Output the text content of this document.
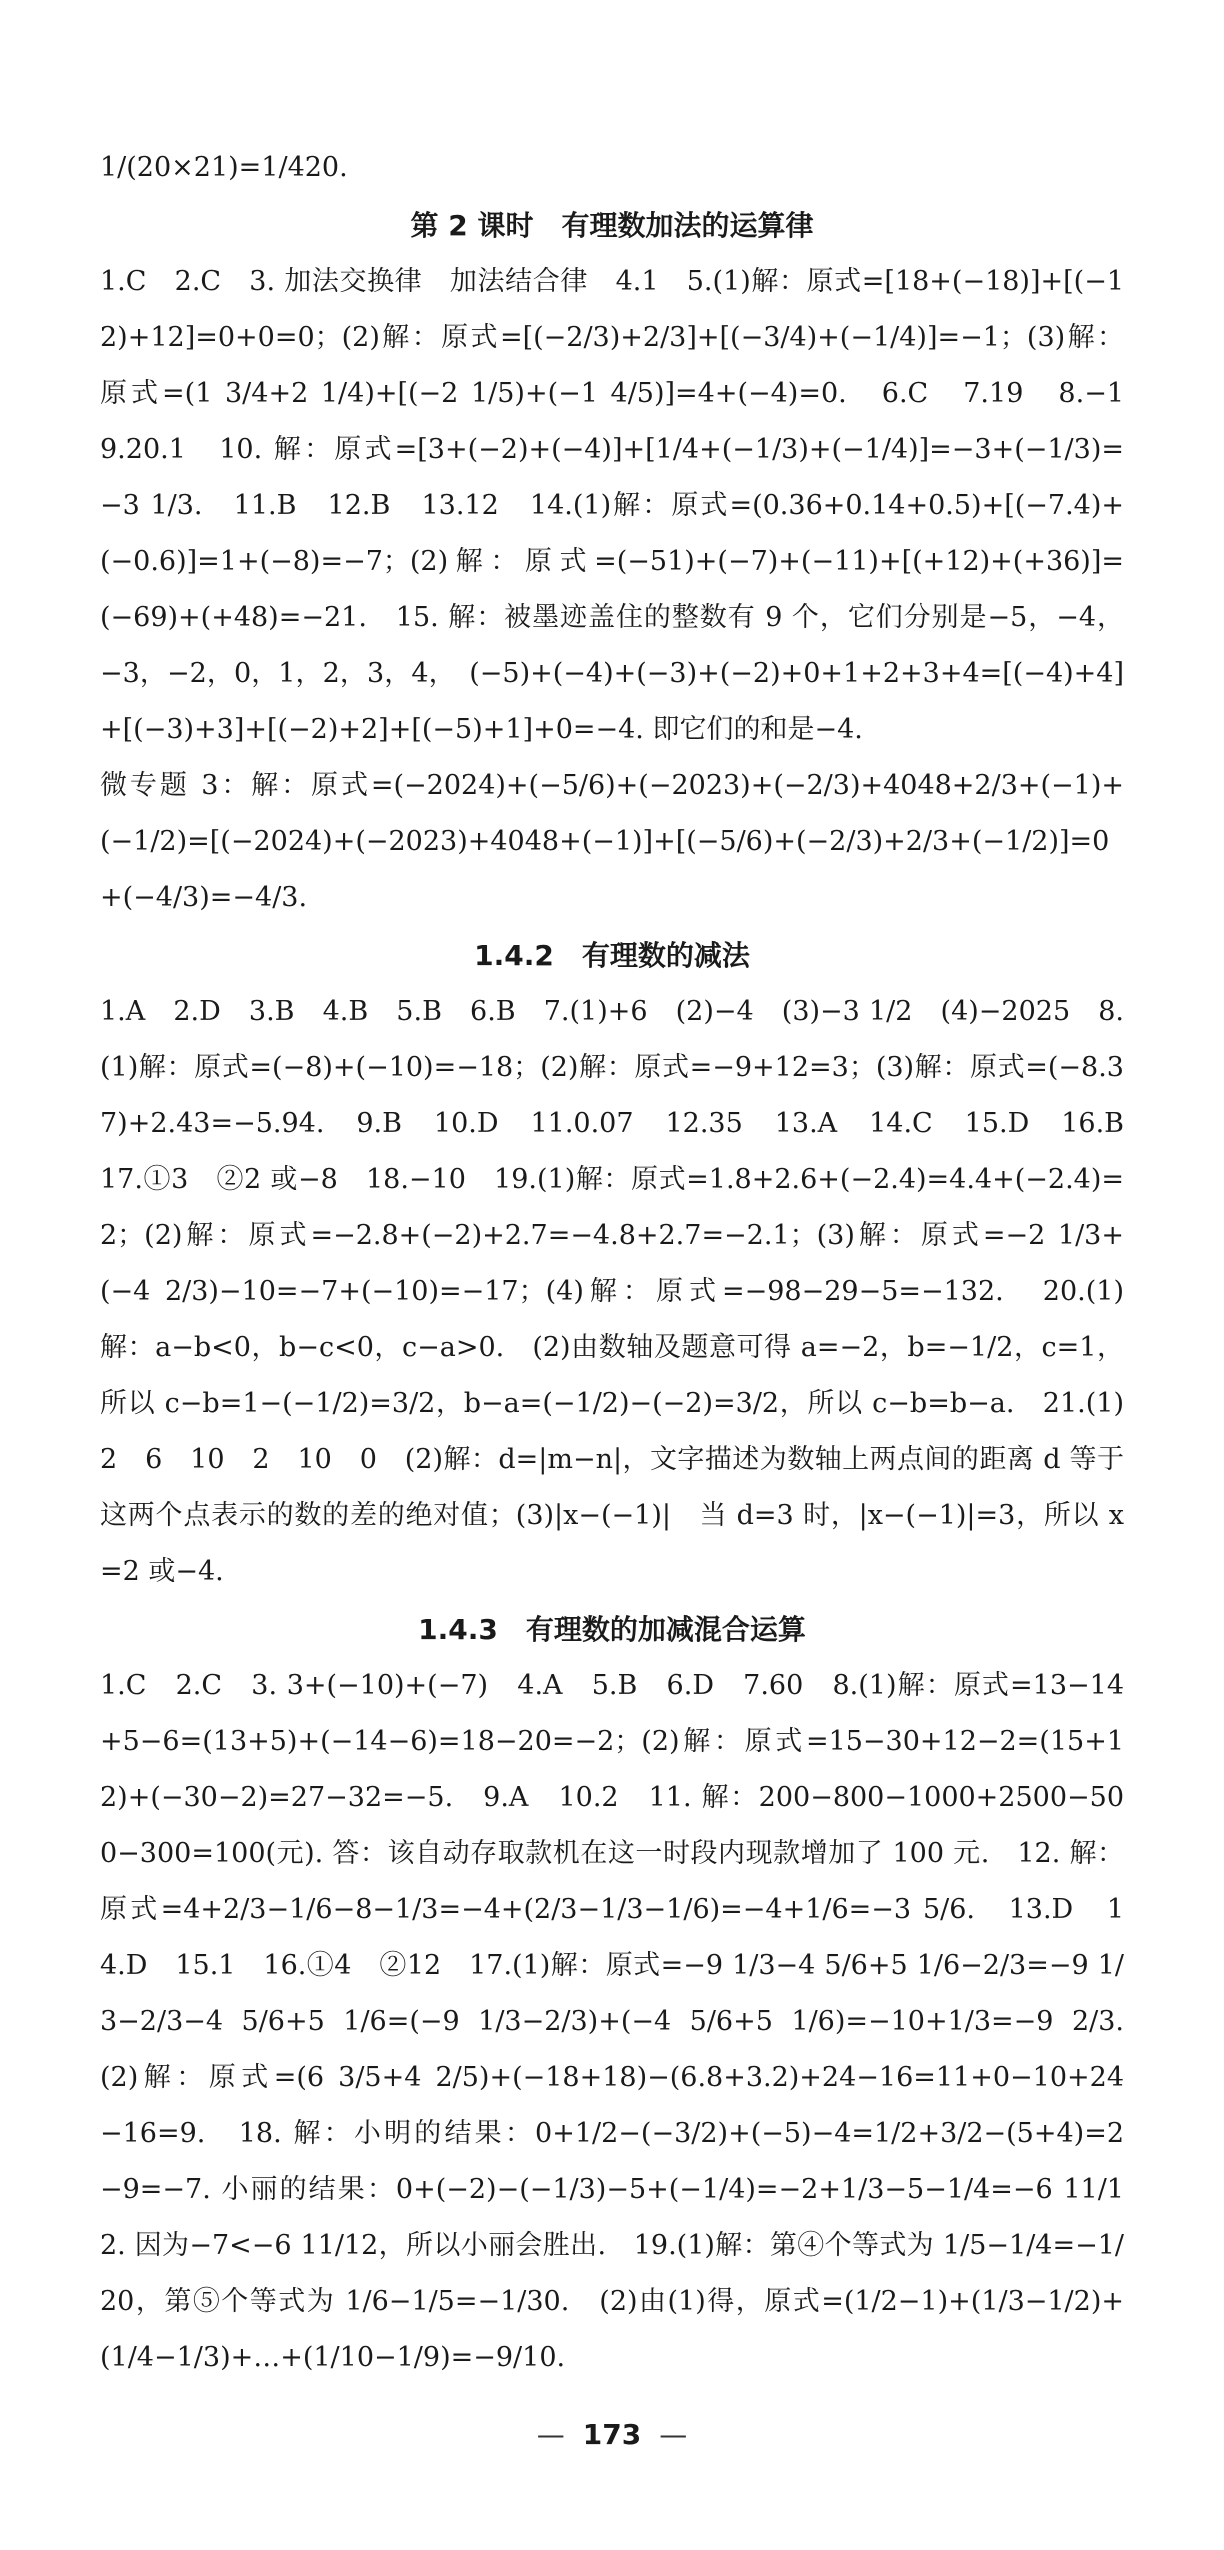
1/(20×21)=1/420.

第 2 课时　有理数加法的运算律

1.C　2.C　3. 加法交换律　加法结合律　4.1　5.(1)解：原式=[18+(−18)]+[(−12)+12]=0+0=0；(2)解：原式=[(−2/3)+2/3]+[(−3/4)+(−1/4)]=−1；(3)解：原式=(1 3/4+2 1/4)+[(−2 1/5)+(−1 4/5)]=4+(−4)=0.　6.C　7.19　8.−1　9.20.1　10. 解：原式=[3+(−2)+(−4)]+[1/4+(−1/3)+(−1/4)]=−3+(−1/3)=−3 1/3.　11.B　12.B　13.12　14.(1)解：原式=(0.36+0.14+0.5)+[(−7.4)+(−0.6)]=1+(−8)=−7；(2)解：原式=(−51)+(−7)+(−11)+[(+12)+(+36)]=(−69)+(+48)=−21.　15. 解：被墨迹盖住的整数有 9 个，它们分别是−5，−4，−3，−2，0，1，2，3，4，　(−5)+(−4)+(−3)+(−2)+0+1+2+3+4=[(−4)+4]+[(−3)+3]+[(−2)+2]+[(−5)+1]+0=−4. 即它们的和是−4.

微专题 3：解：原式=(−2024)+(−5/6)+(−2023)+(−2/3)+4048+2/3+(−1)+(−1/2)=[(−2024)+(−2023)+4048+(−1)]+[(−5/6)+(−2/3)+2/3+(−1/2)]=0+(−4/3)=−4/3.

1.4.2　有理数的减法

1.A　2.D　3.B　4.B　5.B　6.B　7.(1)+6　(2)−4　(3)−3 1/2　(4)−2025　8.(1)解：原式=(−8)+(−10)=−18；(2)解：原式=−9+12=3；(3)解：原式=(−8.37)+2.43=−5.94.　9.B　10.D　11.0.07　12.35　13.A　14.C　15.D　16.B　17.①3　②2 或−8　18.−10　19.(1)解：原式=1.8+2.6+(−2.4)=4.4+(−2.4)=2；(2)解：原式=−2.8+(−2)+2.7=−4.8+2.7=−2.1；(3)解：原式=−2 1/3+(−4 2/3)−10=−7+(−10)=−17；(4)解：原式=−98−29−5=−132.　20.(1)解：a−b<0，b−c<0，c−a>0.　(2)由数轴及题意可得 a=−2，b=−1/2，c=1，所以 c−b=1−(−1/2)=3/2，b−a=(−1/2)−(−2)=3/2，所以 c−b=b−a.　21.(1)2　6　10　2　10　0　(2)解：d=|m−n|，文字描述为数轴上两点间的距离 d 等于这两个点表示的数的差的绝对值；(3)|x−(−1)|　当 d=3 时，|x−(−1)|=3，所以 x=2 或−4.

1.4.3　有理数的加减混合运算

1.C　2.C　3. 3+(−10)+(−7)　4.A　5.B　6.D　7.60　8.(1)解：原式=13−14+5−6=(13+5)+(−14−6)=18−20=−2；(2)解：原式=15−30+12−2=(15+12)+(−30−2)=27−32=−5.　9.A　10.2　11. 解：200−800−1000+2500−500−300=100(元). 答：该自动存取款机在这一时段内现款增加了 100 元.　12. 解：原式=4+2/3−1/6−8−1/3=−4+(2/3−1/3−1/6)=−4+1/6=−3 5/6.　13.D　14.D　15.1　16.①4　②12　17.(1)解：原式=−9 1/3−4 5/6+5 1/6−2/3=−9 1/3−2/3−4 5/6+5 1/6=(−9 1/3−2/3)+(−4 5/6+5 1/6)=−10+1/3=−9 2/3.　(2)解：原式=(6 3/5+4 2/5)+(−18+18)−(6.8+3.2)+24−16=11+0−10+24−16=9.　18. 解：小明的结果：0+1/2−(−3/2)+(−5)−4=1/2+3/2−(5+4)=2−9=−7. 小丽的结果：0+(−2)−(−1/3)−5+(−1/4)=−2+1/3−5−1/4=−6 11/12. 因为−7<−6 11/12，所以小丽会胜出.　19.(1)解：第④个等式为 1/5−1/4=−1/20，第⑤个等式为 1/6−1/5=−1/30.　(2)由(1)得，原式=(1/2−1)+(1/3−1/2)+(1/4−1/3)+…+(1/10−1/9)=−9/10.

— 173 —
